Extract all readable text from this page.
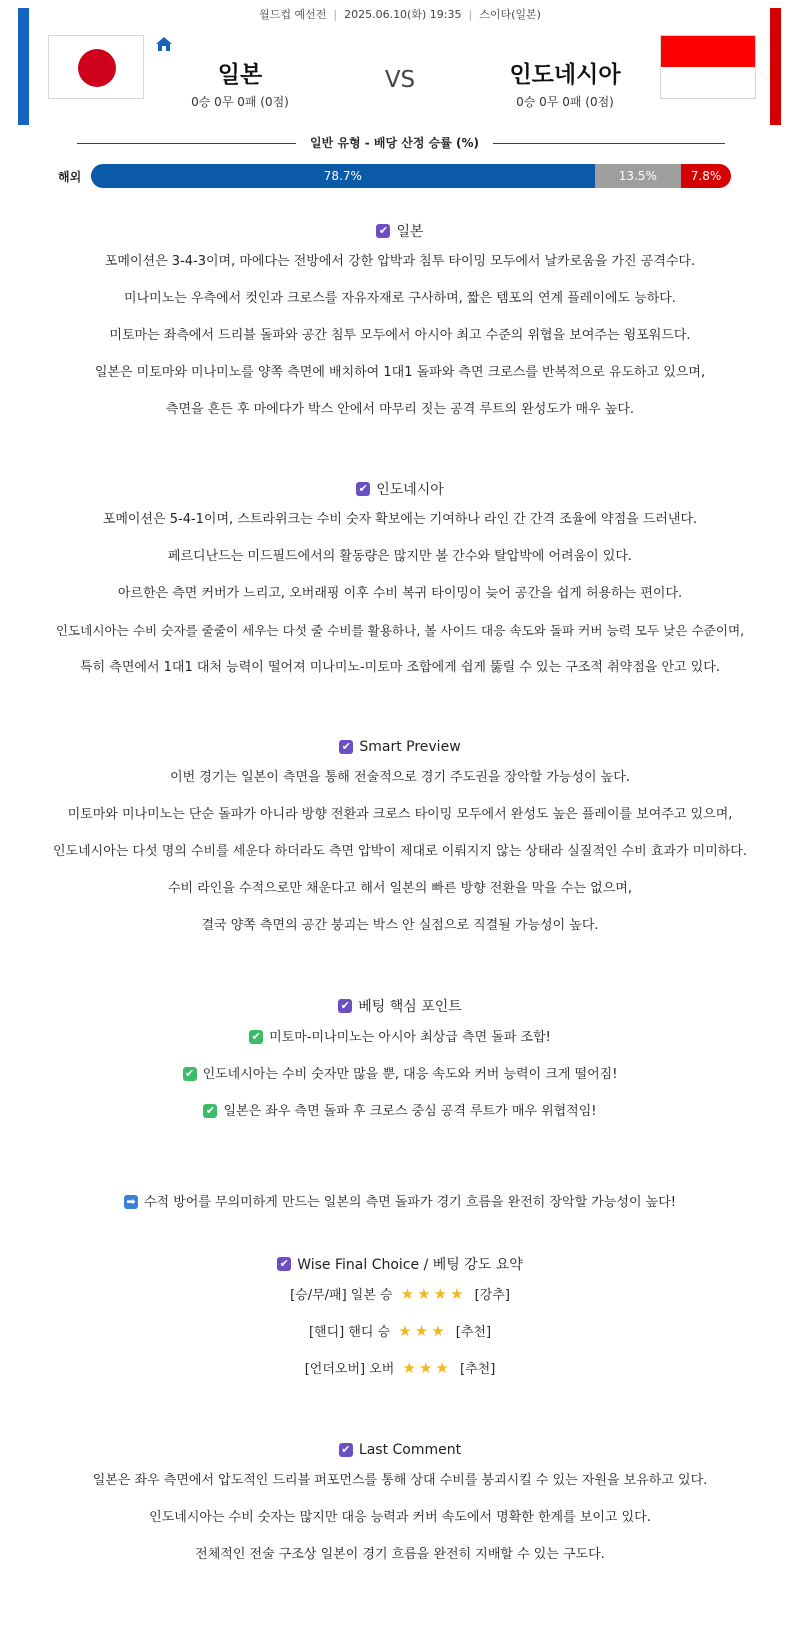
월드컵 예선전 | 2025.06.10(화) 19:35 | 스이타(일본)
일본
0승 0무 0패 (0점)
VS	인도네시아
0승 0무 0패 (0점)
일반 유형 - 배당 산정 승률 (%)
해외	78.7%	13.5%	7.8%
✔ 일본
포메이션은 3-4-3이며, 마에다는 전방에서 강한 압박과 침투 타이밍 모두에서 날카로움을 가진 공격수다.
미나미노는 우측에서 컷인과 크로스를 자유자재로 구사하며, 짧은 템포의 연계 플레이에도 능하다.
미토마는 좌측에서 드리블 돌파와 공간 침투 모두에서 아시아 최고 수준의 위협을 보여주는 윙포워드다.
일본은 미토마와 미나미노를 양쪽 측면에 배치하여 1대1 돌파와 측면 크로스를 반복적으로 유도하고 있으며,
측면을 흔든 후 마에다가 박스 안에서 마무리 짓는 공격 루트의 완성도가 매우 높다.
✔ 인도네시아
포메이션은 5-4-1이며, 스트라위크는 수비 숫자 확보에는 기여하나 라인 간 간격 조율에 약점을 드러낸다.
페르디난드는 미드필드에서의 활동량은 많지만 볼 간수와 탈압박에 어려움이 있다.
아르한은 측면 커버가 느리고, 오버래핑 이후 수비 복귀 타이밍이 늦어 공간을 쉽게 허용하는 편이다.
인도네시아는 수비 숫자를 줄줄이 세우는 다섯 줄 수비를 활용하나, 볼 사이드 대응 속도와 돌파 커버 능력 모두 낮은 수준이며,
특히 측면에서 1대1 대처 능력이 떨어져 미나미노-미토마 조합에게 쉽게 뚫릴 수 있는 구조적 취약점을 안고 있다.
✔ Smart Preview
이번 경기는 일본이 측면을 통해 전술적으로 경기 주도권을 장악할 가능성이 높다.
미토마와 미나미노는 단순 돌파가 아니라 방향 전환과 크로스 타이밍 모두에서 완성도 높은 플레이를 보여주고 있으며,
인도네시아는 다섯 명의 수비를 세운다 하더라도 측면 압박이 제대로 이뤄지지 않는 상태라 실질적인 수비 효과가 미미하다.
수비 라인을 수적으로만 채운다고 해서 일본의 빠른 방향 전환을 막을 수는 없으며,
결국 양쪽 측면의 공간 붕괴는 박스 안 실점으로 직결될 가능성이 높다.
✔ 베팅 핵심 포인트
✔ 미토마-미나미노는 아시아 최상급 측면 돌파 조합!
✔ 인도네시아는 수비 숫자만 많을 뿐, 대응 속도와 커버 능력이 크게 떨어짐!
✔ 일본은 좌우 측면 돌파 후 크로스 중심 공격 루트가 매우 위협적임!
➡ 수적 방어를 무의미하게 만드는 일본의 측면 돌파가 경기 흐름을 완전히 장악할 가능성이 높다!
✔ Wise Final Choice / 베팅 강도 요약
[승/무/패] 일본 승 ★★★★ [강추]
[핸디] 핸디 승 ★★★ [추천]
[언더오버] 오버 ★★★ [추천]
✔ Last Comment
일본은 좌우 측면에서 압도적인 드리블 퍼포먼스를 통해 상대 수비를 붕괴시킬 수 있는 자원을 보유하고 있다.
인도네시아는 수비 숫자는 많지만 대응 능력과 커버 속도에서 명확한 한계를 보이고 있다.
전체적인 전술 구조상 일본이 경기 흐름을 완전히 지배할 수 있는 구도다.
